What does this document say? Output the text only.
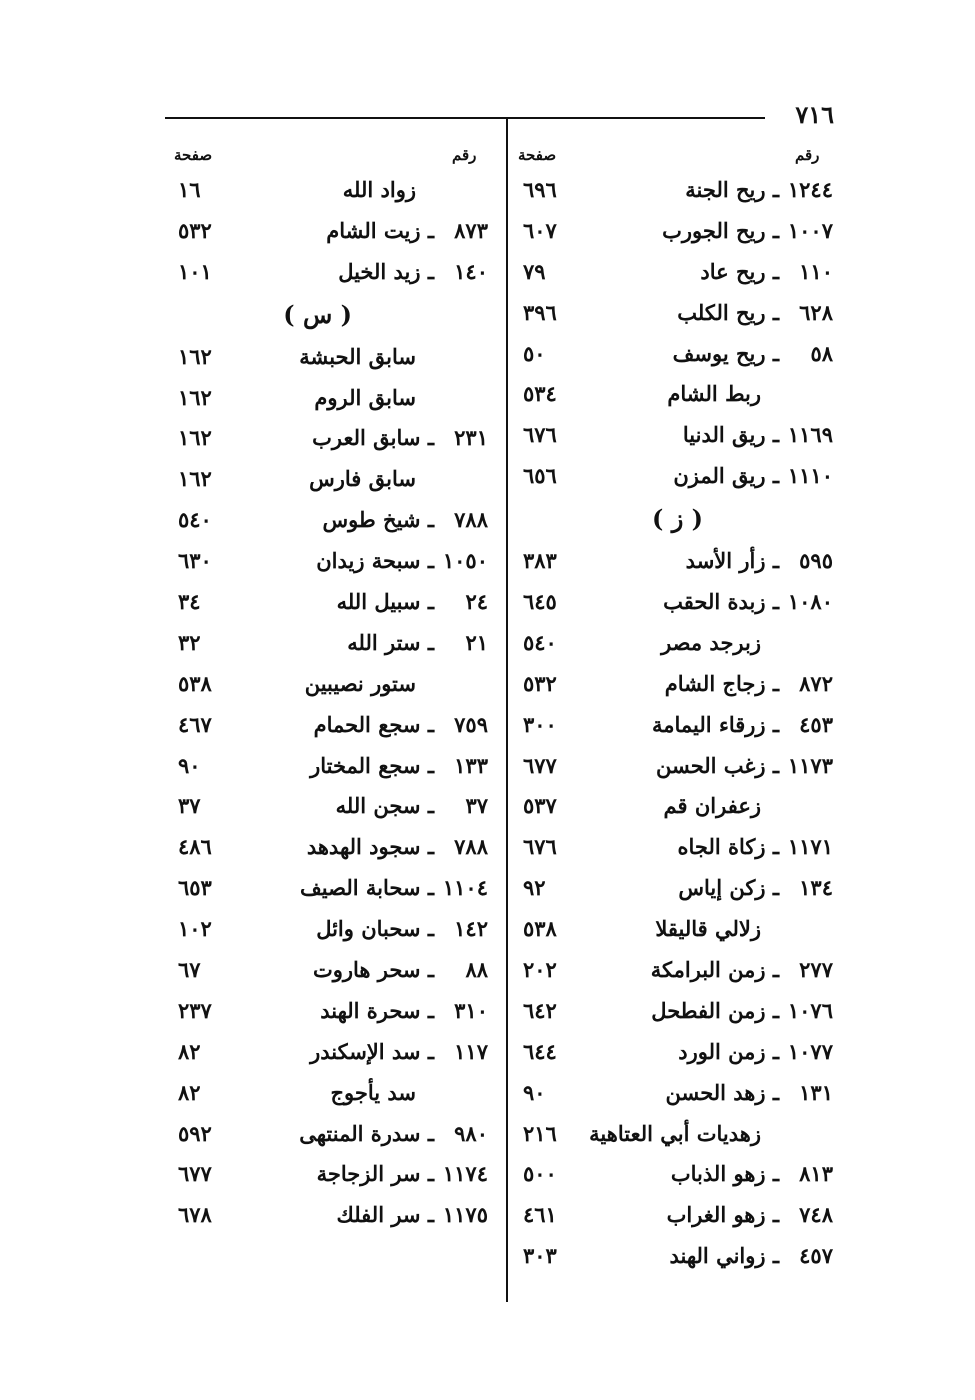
٧١٦
رقم
صفحة
رقم
صفحة
١٢٤٤
ـ ريح الجنة
٦٩٦
١٠٠٧
ـ ريح الجورب
٦٠٧
١١٠
ـ ريح عاد
٧٩
٦٢٨
ـ ريح الكلب
٣٩٦
٥٨
ـ ريح يوسف
٥٠
ربط الشام
٥٣٤
١١٦٩
ـ ريق الدنيا
٦٧٦
١١١٠
ـ ريق المزن
٦٥٦
( ز )
٥٩٥
ـ زأر الأسد
٣٨٣
١٠٨٠
ـ زبدة الحقب
٦٤٥
زبرجد مصر
٥٤٠
٨٧٢
ـ زجاج الشام
٥٣٢
٤٥٣
ـ زرقاء اليمامة
٣٠٠
١١٧٣
ـ زغب الحسن
٦٧٧
زعفران قم
٥٣٧
١١٧١
ـ زكاة الجاه
٦٧٦
١٣٤
ـ زكن إياس
٩٢
زلالي قاليقلا
٥٣٨
٢٧٧
ـ زمن البرامكة
٢٠٢
١٠٧٦
ـ زمن الفطحل
٦٤٢
١٠٧٧
ـ زمن الورد
٦٤٤
١٣١
ـ زهد الحسن
٩٠
زهديات أبي العتاهية
٢١٦
٨١٣
ـ زهو الذباب
٥٠٠
٧٤٨
ـ زهو الغراب
٤٦١
٤٥٧
ـ زواني الهند
٣٠٣
زواد الله
١٦
٨٧٣
ـ زيت الشام
٥٣٢
١٤٠
ـ زيد الخيل
١٠١
( س )
سابق الحبشة
١٦٢
سابق الروم
١٦٢
٢٣١
ـ سابق العرب
١٦٢
سابق فارس
١٦٢
٧٨٨
ـ شيخ طوس
٥٤٠
١٠٥٠
ـ سبحة زيدان
٦٣٠
٢٤
ـ سبيل الله
٣٤
٢١
ـ ستر الله
٣٢
ستور نصيبين
٥٣٨
٧٥٩
ـ سجع الحمام
٤٦٧
١٣٣
ـ سجع المختار
٩٠
٣٧
ـ سجن الله
٣٧
٧٨٨
ـ سجود الهدهد
٤٨٦
١١٠٤
ـ سحابة الصيف
٦٥٣
١٤٢
ـ سحبان وائل
١٠٢
٨٨
ـ سحر هاروت
٦٧
٣١٠
ـ سحرة الهند
٢٣٧
١١٧
ـ سد الإسكندر
٨٢
سد يأجوج
٨٢
٩٨٠
ـ سدرة المنتهى
٥٩٢
١١٧٤
ـ سر الزجاجة
٦٧٧
١١٧٥
ـ سر الفلك
٦٧٨
